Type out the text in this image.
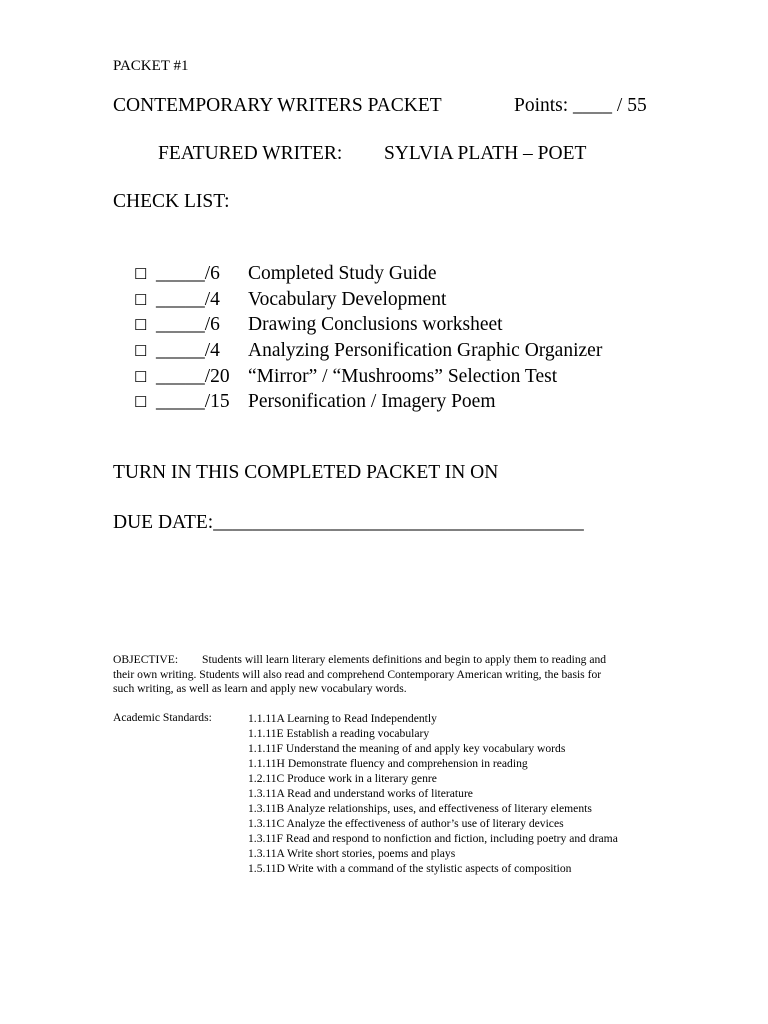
PACKET #1
CONTEMPORARY WRITERS PACKET	Points: ____ / 55
FEATURED WRITER: SYLVIA PLATH – POET
CHECK LIST:
☐ _____/6 Completed Study Guide
☐ _____/4 Vocabulary Development
☐ _____/6 Drawing Conclusions worksheet
☐ _____/4 Analyzing Personification Graphic Organizer
☐ _____/20 “Mirror” / “Mushrooms” Selection Test
☐ _____/15 Personification / Imagery Poem
TURN IN THIS COMPLETED PACKET IN ON
DUE DATE:______________________________________
OBJECTIVE: Students will learn literary elements definitions and begin to apply them to reading and
their own writing. Students will also read and comprehend Contemporary American writing, the basis for
such writing, as well as learn and apply new vocabulary words.
Academic Standards:	1.1.11A Learning to Read Independently
1.1.11E Establish a reading vocabulary
1.1.11F Understand the meaning of and apply key vocabulary words
1.1.11H Demonstrate fluency and comprehension in reading
1.2.11C Produce work in a literary genre
1.3.11A Read and understand works of literature
1.3.11B Analyze relationships, uses, and effectiveness of literary elements
1.3.11C Analyze the effectiveness of author’s use of literary devices
1.3.11F Read and respond to nonfiction and fiction, including poetry and drama
1.3.11A Write short stories, poems and plays
1.5.11D Write with a command of the stylistic aspects of composition
